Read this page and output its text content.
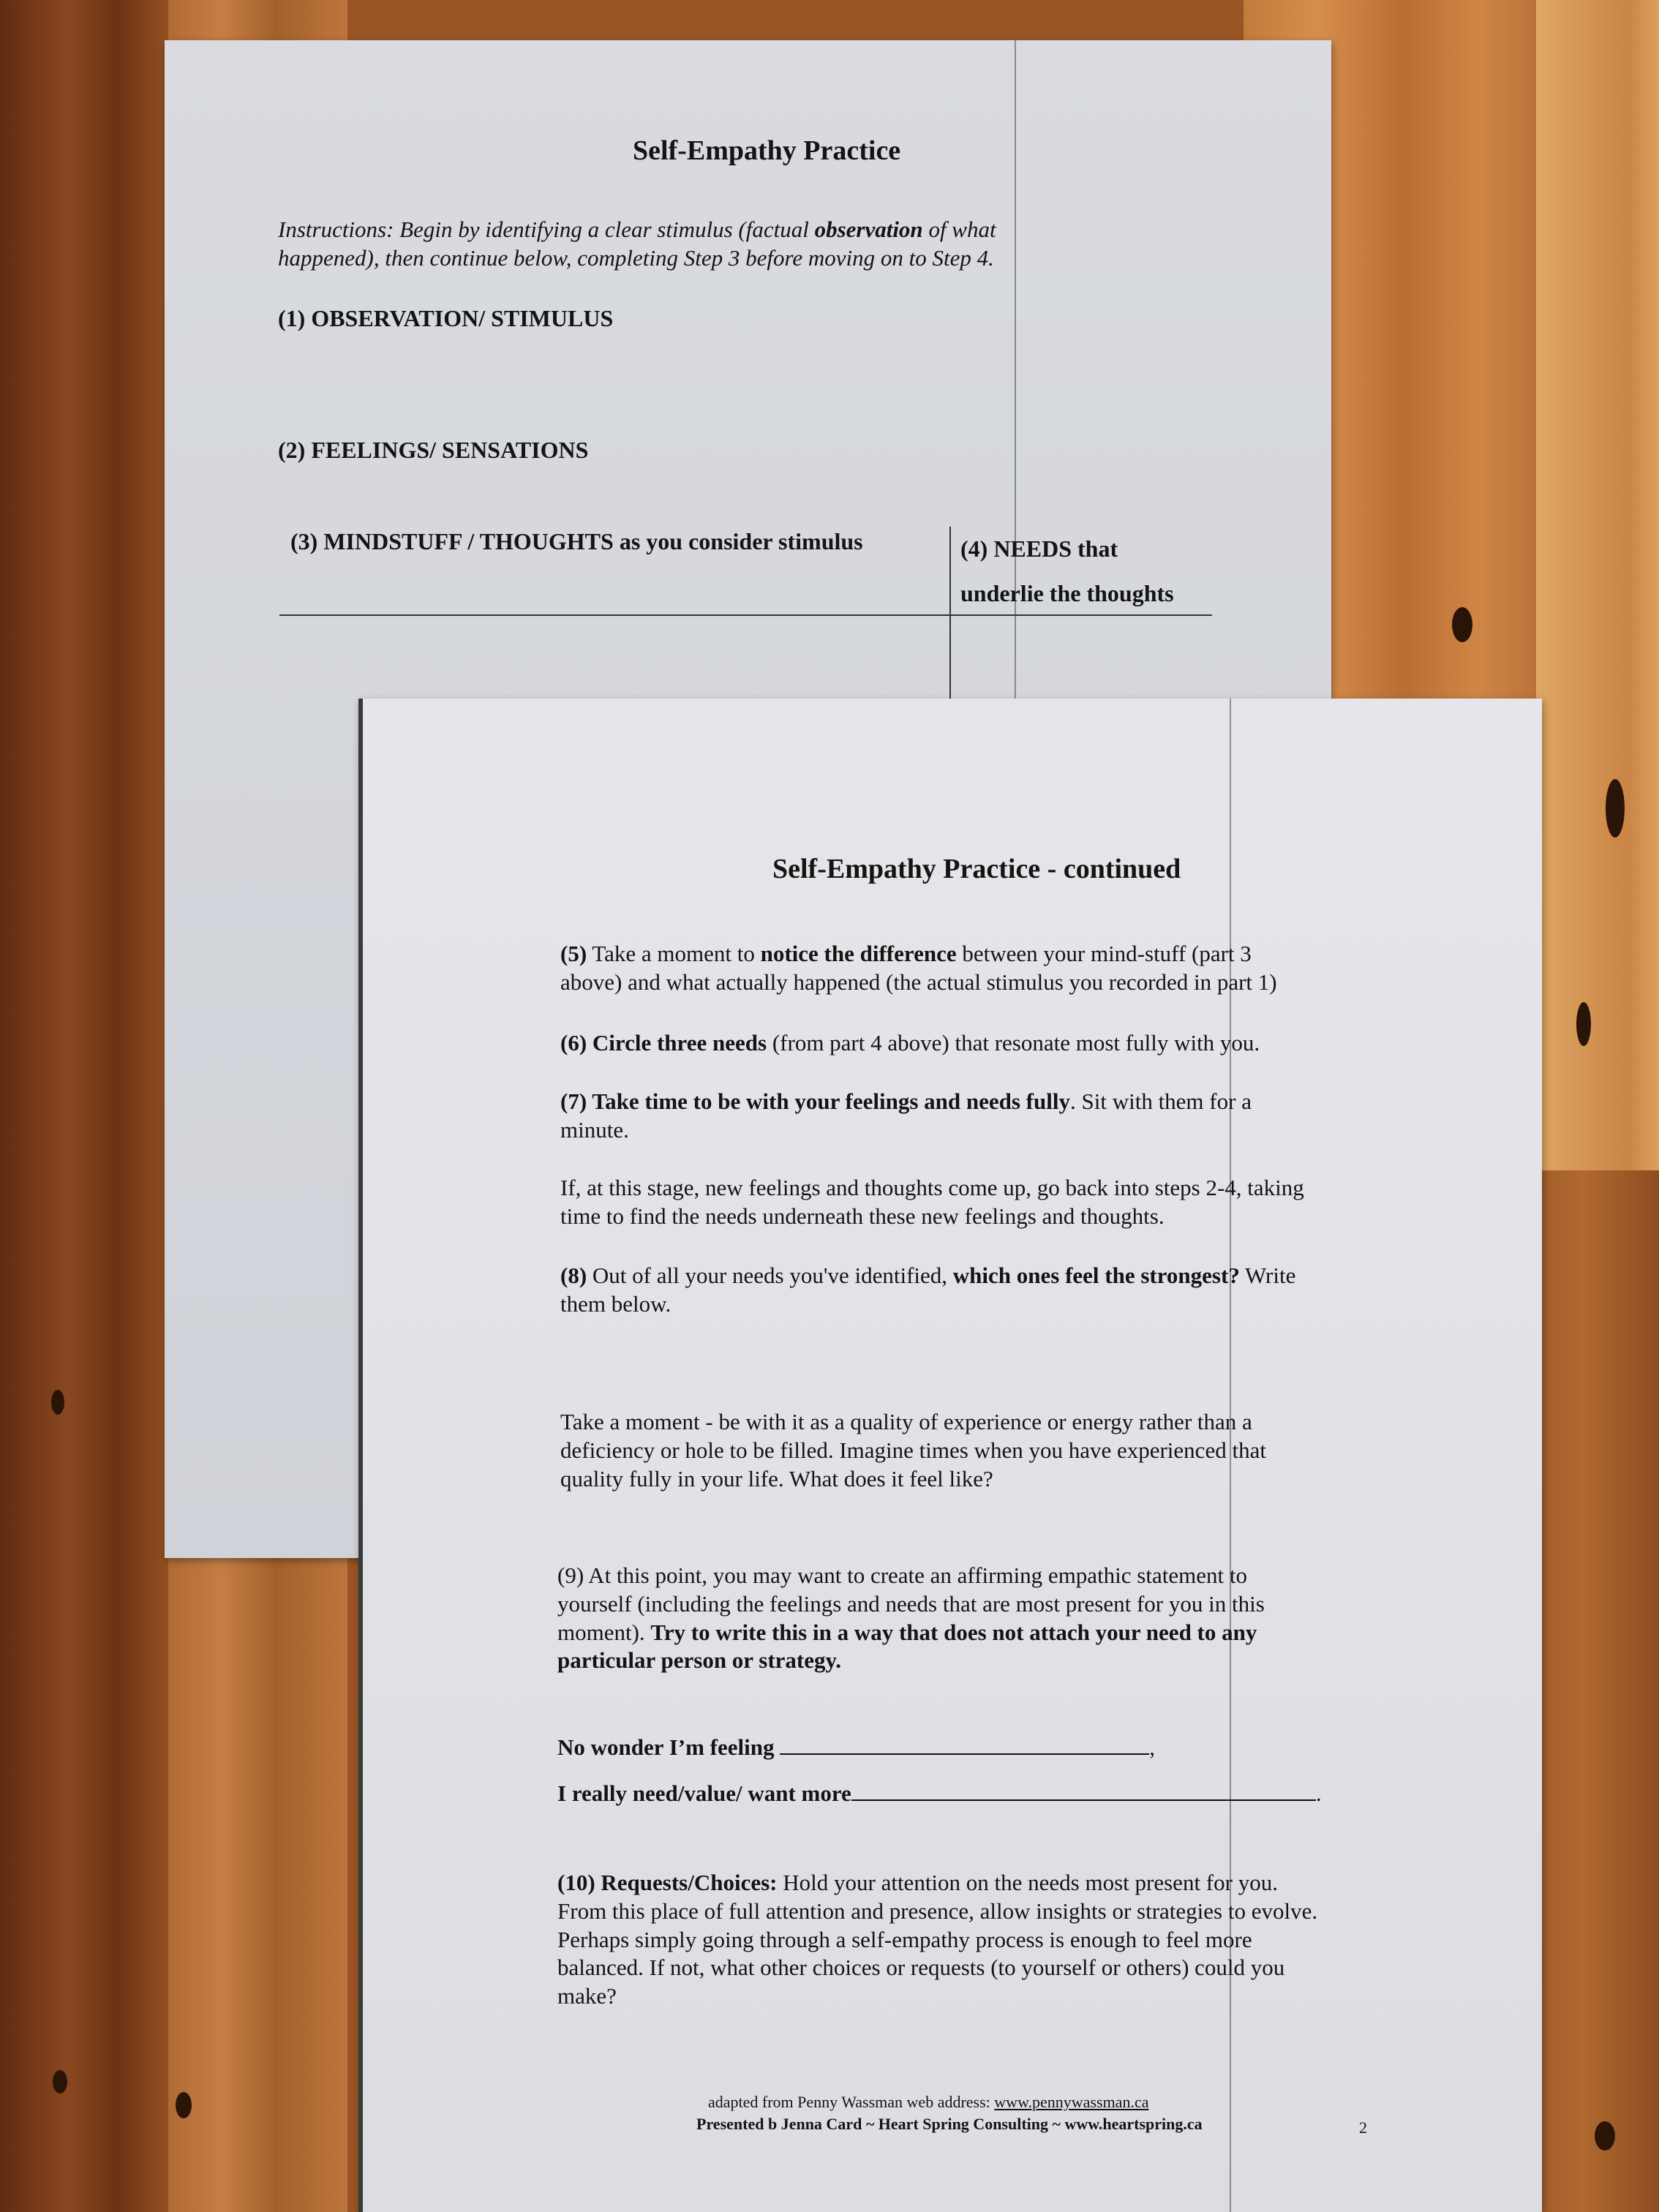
Self-Empathy Practice
Instructions: Begin by identifying a clear stimulus (factual observation of what
happened), then continue below, completing Step 3 before moving on to Step 4.
(1) OBSERVATION/ STIMULUS
(2) FEELINGS/ SENSATIONS
(3) MINDSTUFF / THOUGHTS as you consider stimulus	(4) NEEDS that
underlie the thoughts
Self-Empathy Practice - continued
(5) Take a moment to notice the difference between your mind-stuff (part 3
above) and what actually happened (the actual stimulus you recorded in part 1)
(6) Circle three needs (from part 4 above) that resonate most fully with you.
(7) Take time to be with your feelings and needs fully. Sit with them for a
minute.
If, at this stage, new feelings and thoughts come up, go back into steps 2-4, taking
time to find the needs underneath these new feelings and thoughts.
(8) Out of all your needs you've identified, which ones feel the strongest? Write
them below.
Take a moment - be with it as a quality of experience or energy rather than a
deficiency or hole to be filled. Imagine times when you have experienced that
quality fully in your life. What does it feel like?
(9) At this point, you may want to create an affirming empathic statement to
yourself (including the feelings and needs that are most present for you in this
moment). Try to write this in a way that does not attach your need to any
particular person or strategy.
No wonder I’m feeling	,
I really need/value/ want more	.
(10) Requests/Choices: Hold your attention on the needs most present for you.
From this place of full attention and presence, allow insights or strategies to evolve.
Perhaps simply going through a self-empathy process is enough to feel more
balanced. If not, what other choices or requests (to yourself or others) could you
make?
adapted from Penny Wassman web address: www.pennywassman.ca
Presented b Jenna Card ~ Heart Spring Consulting ~ www.heartspring.ca	2
